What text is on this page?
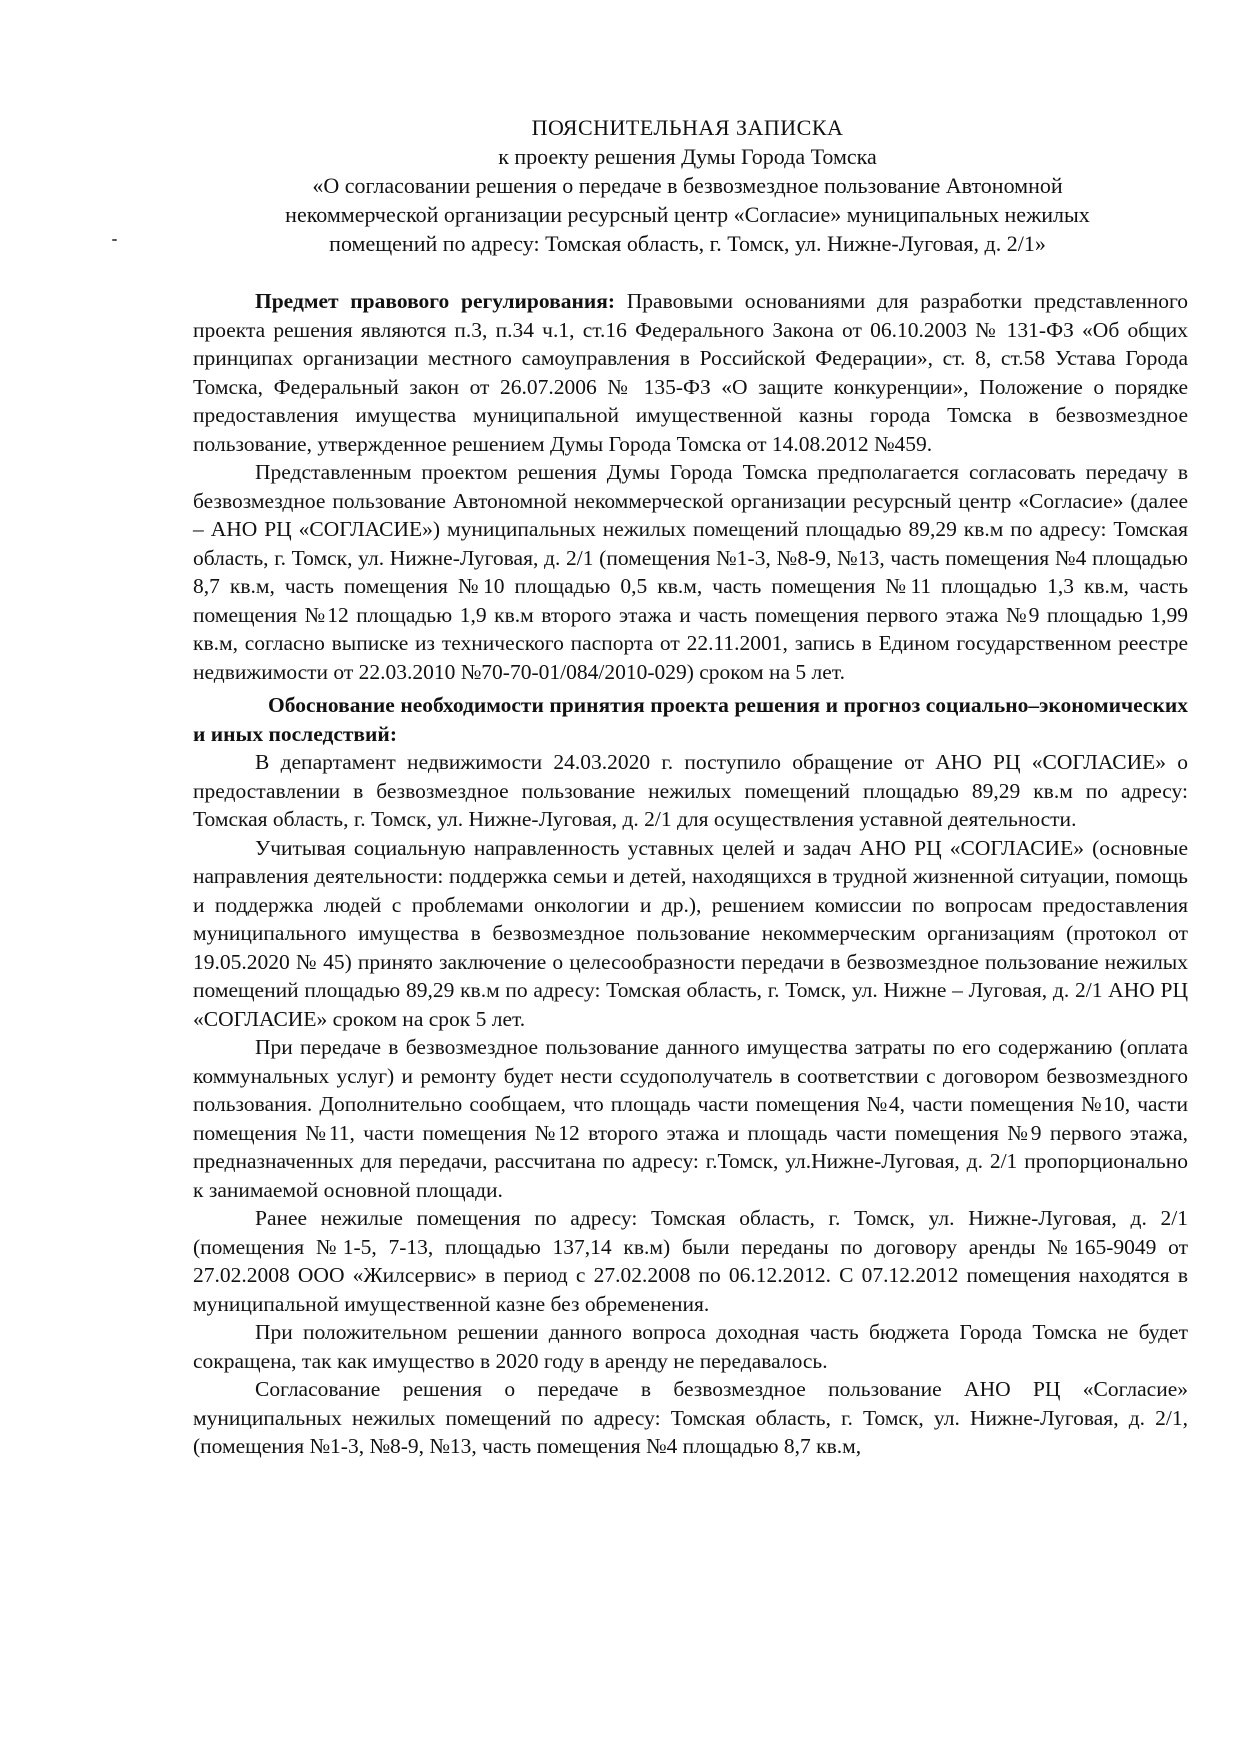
ПОЯСНИТЕЛЬНАЯ ЗАПИСКА
к проекту решения Думы Города Томска
«О согласовании решения о передаче в безвозмездное пользование Автономной
некоммерческой организации ресурсный центр «Согласие» муниципальных нежилых
помещений по адресу: Томская область, г. Томск, ул. Нижне-Луговая, д. 2/1»

Предмет правового регулирования: Правовыми основаниями для разработки представленного проекта решения являются п.3, п.34 ч.1, ст.16 Федерального Закона от 06.10.2003 № 131-ФЗ «Об общих принципах организации местного самоуправления в Российской Федерации», ст. 8, ст.58 Устава Города Томска, Федеральный закон от 26.07.2006 № 135-ФЗ «О защите конкуренции», Положение о порядке предоставления имущества муниципальной имущественной казны города Томска в безвозмездное пользование, утвержденное решением Думы Города Томска от 14.08.2012 №459.

Представленным проектом решения Думы Города Томска предполагается согласовать передачу в безвозмездное пользование Автономной некоммерческой организации ресурсный центр «Согласие» (далее – АНО РЦ «СОГЛАСИЕ») муниципальных нежилых помещений площадью 89,29 кв.м по адресу: Томская область, г. Томск, ул. Нижне-Луговая, д. 2/1 (помещения №1-3, №8-9, №13, часть помещения №4 площадью 8,7 кв.м, часть помещения №10 площадью 0,5 кв.м, часть помещения №11 площадью 1,3 кв.м, часть помещения №12 площадью 1,9 кв.м второго этажа и часть помещения первого этажа №9 площадью 1,99 кв.м, согласно выписке из технического паспорта от 22.11.2001, запись в Едином государственном реестре недвижимости от 22.03.2010 №70-70-01/084/2010-029) сроком на 5 лет.

Обоснование необходимости принятия проекта решения и прогноз социально–экономических и иных последствий:

В департамент недвижимости 24.03.2020 г. поступило обращение от АНО РЦ «СОГЛАСИЕ» о предоставлении в безвозмездное пользование нежилых помещений площадью 89,29 кв.м по адресу: Томская область, г. Томск, ул. Нижне-Луговая, д. 2/1 для осуществления уставной деятельности.

Учитывая социальную направленность уставных целей и задач АНО РЦ «СОГЛАСИЕ» (основные направления деятельности: поддержка семьи и детей, находящихся в трудной жизненной ситуации, помощь и поддержка людей с проблемами онкологии и др.), решением комиссии по вопросам предоставления муниципального имущества в безвозмездное пользование некоммерческим организациям (протокол от 19.05.2020 № 45) принято заключение о целесообразности передачи в безвозмездное пользование нежилых помещений площадью 89,29 кв.м по адресу: Томская область, г. Томск, ул. Нижне – Луговая, д. 2/1 АНО РЦ «СОГЛАСИЕ» сроком на срок 5 лет.

При передаче в безвозмездное пользование данного имущества затраты по его содержанию (оплата коммунальных услуг) и ремонту будет нести ссудополучатель в соответствии с договором безвозмездного пользования. Дополнительно сообщаем, что площадь части помещения №4, части помещения №10, части помещения №11, части помещения №12 второго этажа и площадь части помещения №9 первого этажа, предназначенных для передачи, рассчитана по адресу: г.Томск, ул.Нижне-Луговая, д. 2/1 пропорционально к занимаемой основной площади.

Ранее нежилые помещения по адресу: Томская область, г. Томск, ул. Нижне-Луговая, д. 2/1 (помещения №1-5, 7-13, площадью 137,14 кв.м) были переданы по договору аренды №165-9049 от 27.02.2008 ООО «Жилсервис» в период с 27.02.2008 по 06.12.2012. С 07.12.2012 помещения находятся в муниципальной имущественной казне без обременения.

При положительном решении данного вопроса доходная часть бюджета Города Томска не будет сокращена, так как имущество в 2020 году в аренду не передавалось.

Согласование решения о передаче в безвозмездное пользование АНО РЦ «Согласие» муниципальных нежилых помещений по адресу: Томская область, г. Томск, ул. Нижне-Луговая, д. 2/1, (помещения №1-3, №8-9, №13, часть помещения №4 площадью 8,7 кв.м,
